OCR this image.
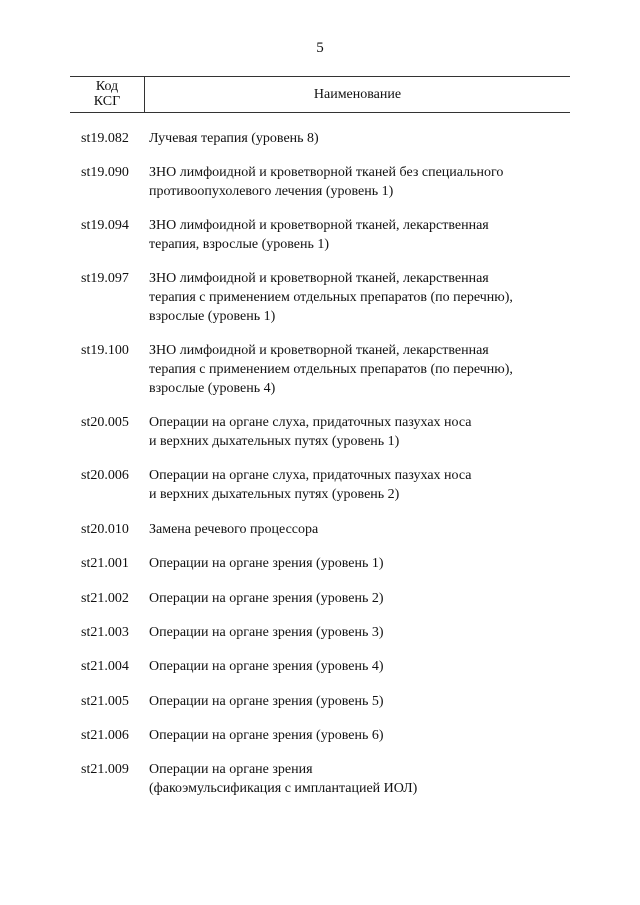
5
Код
КСГ	Наименование
st19.082	Лучевая терапия (уровень 8)
st19.090	ЗНО лимфоидной и кроветворной тканей без специального
противоопухолевого лечения (уровень 1)
st19.094	ЗНО лимфоидной и кроветворной тканей, лекарственная
терапия, взрослые (уровень 1)
st19.097	ЗНО лимфоидной и кроветворной тканей, лекарственная
терапия с применением отдельных препаратов (по перечню),
взрослые (уровень 1)
st19.100	ЗНО лимфоидной и кроветворной тканей, лекарственная
терапия с применением отдельных препаратов (по перечню),
взрослые (уровень 4)
st20.005	Операции на органе слуха, придаточных пазухах носа
и верхних дыхательных путях (уровень 1)
st20.006	Операции на органе слуха, придаточных пазухах носа
и верхних дыхательных путях (уровень 2)
st20.010	Замена речевого процессора
st21.001	Операции на органе зрения (уровень 1)
st21.002	Операции на органе зрения (уровень 2)
st21.003	Операции на органе зрения (уровень 3)
st21.004	Операции на органе зрения (уровень 4)
st21.005	Операции на органе зрения (уровень 5)
st21.006	Операции на органе зрения (уровень 6)
st21.009	Операции на органе зрения
(факоэмульсификация с имплантацией ИОЛ)
